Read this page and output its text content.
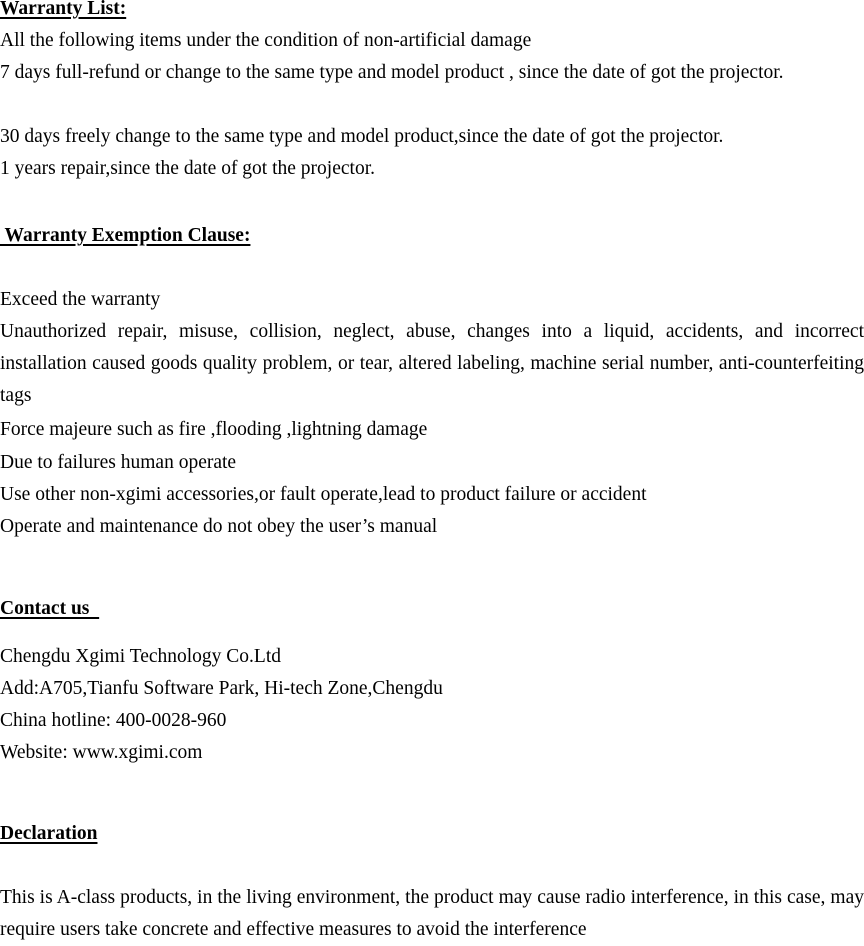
Warranty List:
All the following items under the condition of non-artificial damage

7 days full-refund or change to the same type and model product , since the date of got the projector.

30 days freely change to the same type and model product,since the date of got the projector.
1 years repair,since the date of got the projector.
Warranty Exemption Clause:
Exceed the warranty

Unauthorized repair, misuse, collision, neglect, abuse, changes into a liquid, accidents, and incorrect installation caused goods quality problem, or tear, altered labeling, machine serial number, anti-counterfeiting tags

Force majeure such as fire ,flooding ,lightning damage
Due to failures human operate
Use other non-xgimi accessories,or fault operate,lead to product failure or accident
Operate and maintenance do not obey the user’s manual
Contact us
Chengdu Xgimi Technology Co.Ltd
Add:A705,Tianfu Software Park, Hi-tech Zone,Chengdu
China hotline: 400-0028-960
Website: www.xgimi.com
Declaration

This is A-class products, in the living environment, the product may cause radio interference, in this case, may require users take concrete and effective measures to avoid the interference
